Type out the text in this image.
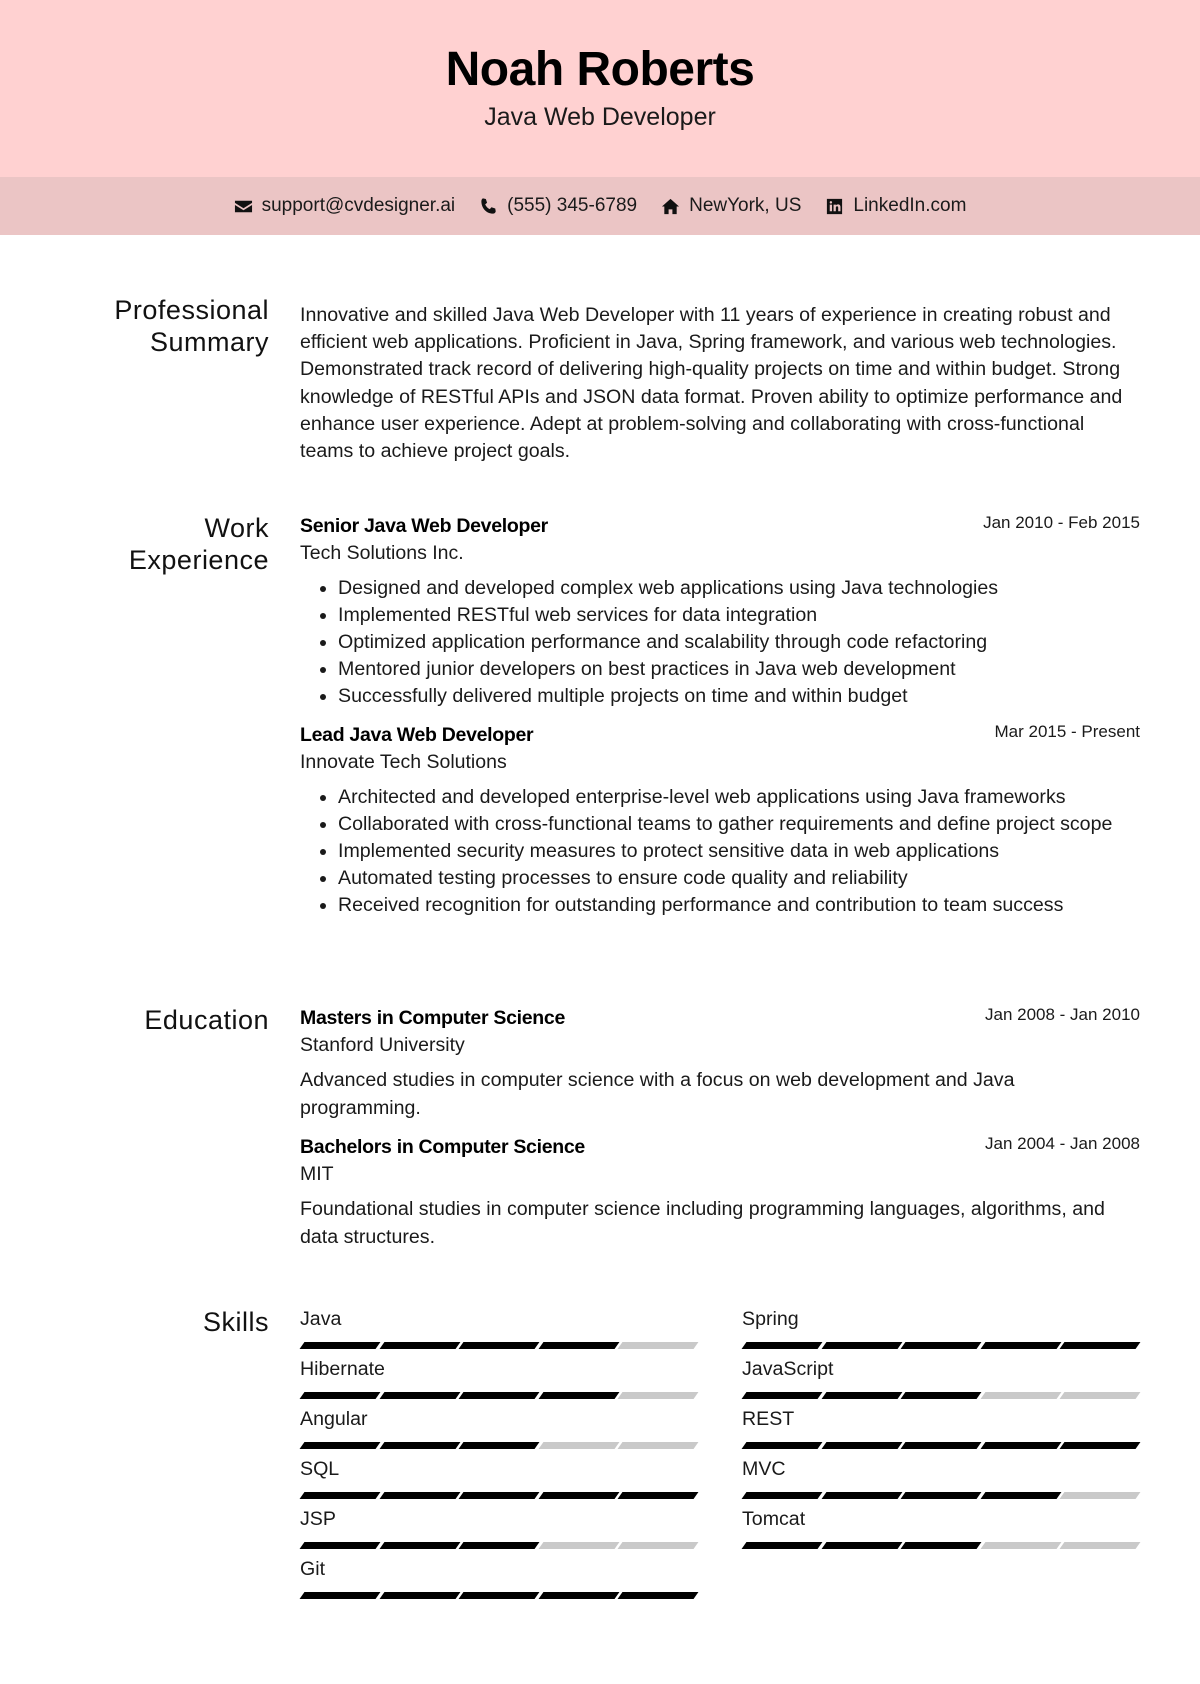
Noah Roberts
Java Web Developer
support@cvdesigner.ai	(555) 345-6789	NewYork, US	LinkedIn.com
Professional
Summary

Innovative and skilled Java Web Developer with 11 years of experience in creating robust and efficient web applications. Proficient in Java, Spring framework, and various web technologies. Demonstrated track record of delivering high-quality projects on time and within budget. Strong knowledge of RESTful APIs and JSON data format. Proven ability to optimize performance and enhance user experience. Adept at problem-solving and collaborating with cross-functional teams to achieve project goals.

Work
Experience
Senior Java Web Developer	Jan 2010 - Feb 2015
Tech Solutions Inc.
• Designed and developed complex web applications using Java technologies
• Implemented RESTful web services for data integration
• Optimized application performance and scalability through code refactoring
• Mentored junior developers on best practices in Java web development
• Successfully delivered multiple projects on time and within budget
Lead Java Web Developer	Mar 2015 - Present
Innovate Tech Solutions
• Architected and developed enterprise-level web applications using Java frameworks
• Collaborated with cross-functional teams to gather requirements and define project scope
• Implemented security measures to protect sensitive data in web applications
• Automated testing processes to ensure code quality and reliability
• Received recognition for outstanding performance and contribution to team success
Education Masters in Computer Science	Jan 2008 - Jan 2010
Stanford University

Advanced studies in computer science with a focus on web development and Java programming.

Bachelors in Computer Science	Jan 2004 - Jan 2008
MIT

Foundational studies in computer science including programming languages, algorithms, and data structures.

Skills Java	Spring
Hibernate	JavaScript
Angular	REST
SQL	MVC
JSP	Tomcat
Git
